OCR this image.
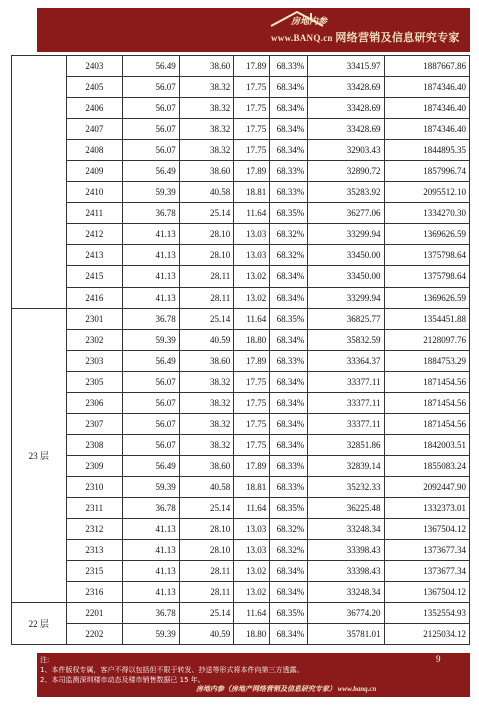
房地内参
www.BANQ.cn 网络营销及信息研究专家
	2403	56.49	38.60	17.89	68.33%	33415.97	1887667.86
	2405	56.07	38.32	17.75	68.34%	33428.69	1874346.40
	2406	56.07	38.32	17.75	68.34%	33428.69	1874346.40
	2407	56.07	38.32	17.75	68.34%	33428.69	1874346.40
	2408	56.07	38.32	17.75	68.34%	32903.43	1844895.35
	2409	56.49	38.60	17.89	68.33%	32890.72	1857996.74
	2410	59.39	40.58	18.81	68.33%	35283.92	2095512.10
	2411	36.78	25.14	11.64	68.35%	36277.06	1334270.30
	2412	41.13	28.10	13.03	68.32%	33299.94	1369626.59
	2413	41.13	28.10	13.03	68.32%	33450.00	1375798.64
	2415	41.13	28.11	13.02	68.34%	33450.00	1375798.64
	2416	41.13	28.11	13.02	68.34%	33299.94	1369626.59
23 层	2301	36.78	25.14	11.64	68.35%	36825.77	1354451.88
	2302	59.39	40.59	18.80	68.34%	35832.59	2128097.76
	2303	56.49	38.60	17.89	68.33%	33364.37	1884753.29
	2305	56.07	38.32	17.75	68.34%	33377.11	1871454.56
	2306	56.07	38.32	17.75	68.34%	33377.11	1871454.56
	2307	56.07	38.32	17.75	68.34%	33377.11	1871454.56
	2308	56.07	38.32	17.75	68.34%	32851.86	1842003.51
	2309	56.49	38.60	17.89	68.33%	32839.14	1855083.24
	2310	59.39	40.58	18.81	68.33%	35232.33	2092447.90
	2311	36.78	25.14	11.64	68.35%	36225.48	1332373.01
	2312	41.13	28.10	13.03	68.32%	33248.34	1367504.12
	2313	41.13	28.10	13.03	68.32%	33398.43	1373677.34
	2315	41.13	28.11	13.02	68.34%	33398.43	1373677.34
	2316	41.13	28.11	13.02	68.34%	33248.34	1367504.12
22 层	2201	36.78	25.14	11.64	68.35%	36774.20	1352554.93
	2202	59.39	40.59	18.80	68.34%	35781.01	2125034.12
注:
1、本件版权专属，客户不得以包括但不限于转发、抄送等形式将本件向第三方透露。
2、本司监测深圳楼市动态及楼市销售数据已 15 年。
9
房地内参（房地产网络营销及信息研究专家） www.banq.cn
